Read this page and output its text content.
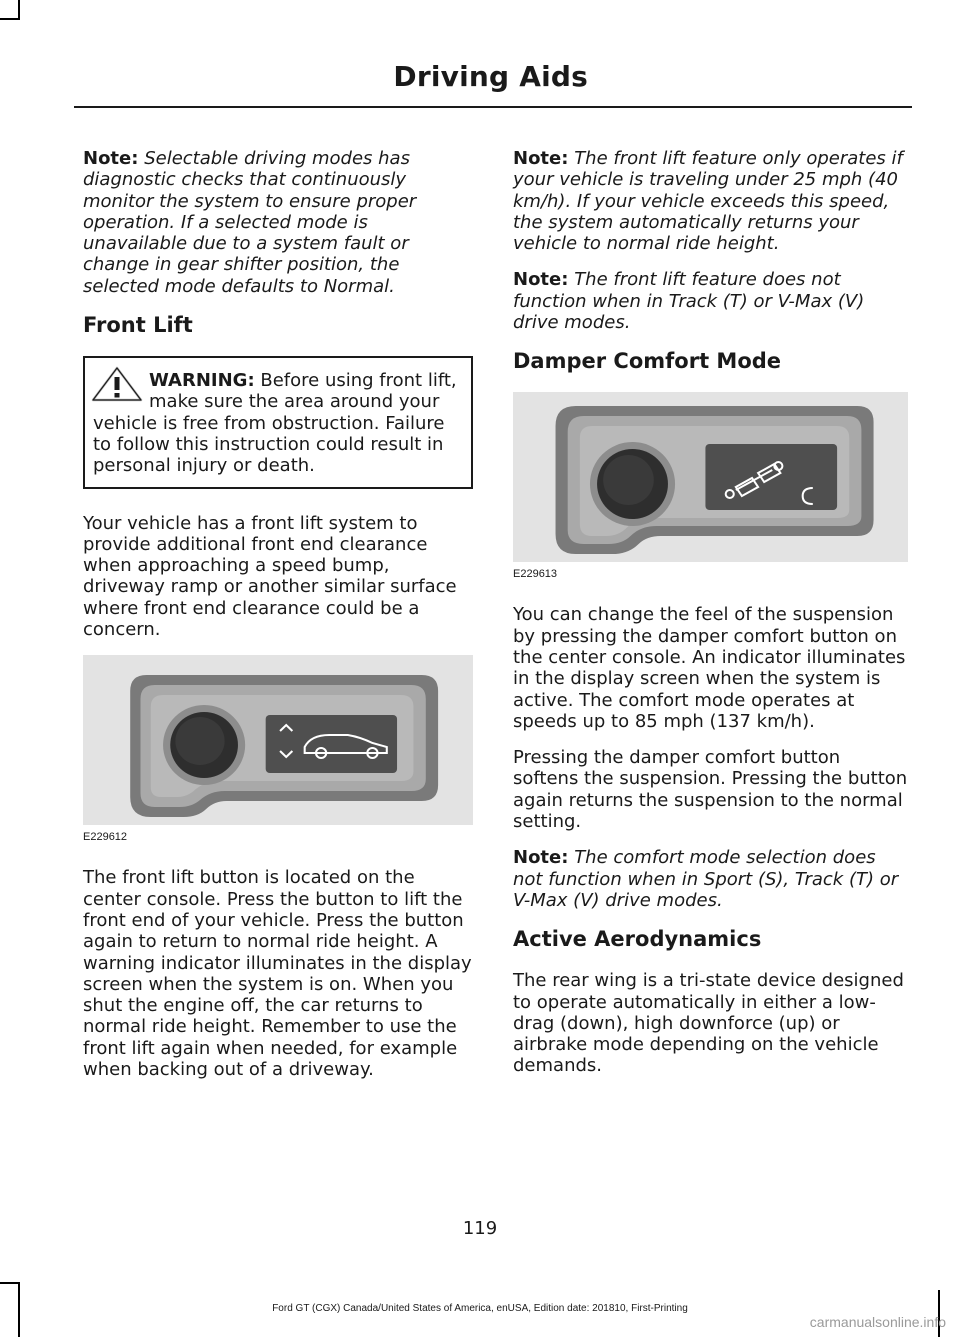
Driving Aids

Note: Selectable driving modes has diagnostic checks that continuously monitor the system to ensure proper operation. If a selected mode is unavailable due to a system fault or change in gear shifter position, the selected mode defaults to Normal.

Front Lift
WARNING: Before using front lift, make sure the area around your vehicle is free from obstruction. Failure to follow this instruction could result in personal injury or death.

Your vehicle has a front lift system to provide additional front end clearance when approaching a speed bump, driveway ramp or another similar surface where front end clearance could be a concern.

E229612

The front lift button is located on the center console. Press the button to lift the front end of your vehicle. Press the button again to return to normal ride height. A warning indicator illuminates in the display screen when the system is on. When you shut the engine off, the car returns to normal ride height. Remember to use the front lift again when needed, for example when backing out of a driveway.

Note: The front lift feature only operates if your vehicle is traveling under 25 mph (40 km/h). If your vehicle exceeds this speed, the system automatically returns your vehicle to normal ride height.

Note: The front lift feature does not function when in Track (T) or V-Max (V) drive modes.

Damper Comfort Mode
E229613

You can change the feel of the suspension by pressing the damper comfort button on the center console. An indicator illuminates in the display screen when the system is active. The comfort mode operates at speeds up to 85 mph (137 km/h).

Pressing the damper comfort button softens the suspension. Pressing the button again returns the suspension to the normal setting.

Note: The comfort mode selection does not function when in Sport (S), Track (T) or V-Max (V) drive modes.

Active Aerodynamics

The rear wing is a tri-state device designed to operate automatically in either a low-drag (down), high downforce (up) or airbrake mode depending on the vehicle demands.

119
Ford GT (CGX) Canada/United States of America, enUSA, Edition date: 201810, First-Printing
carmanualsonline.info
